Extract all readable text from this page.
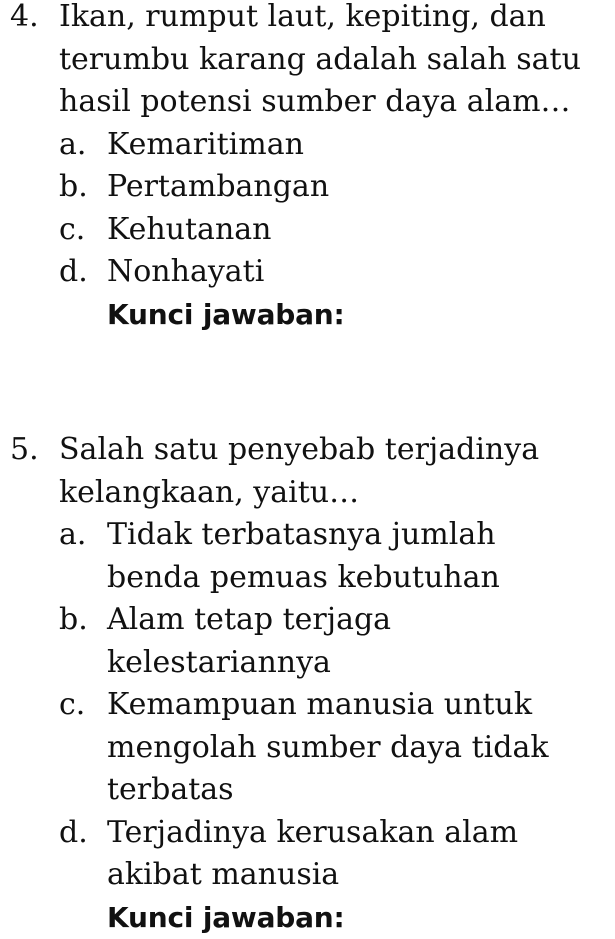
4. Ikan, rumput laut, kepiting, dan
terumbu karang adalah salah satu
hasil potensi sumber daya alam…
a. Kemaritiman
b. Pertambangan
c. Kehutanan
d. Nonhayati
Kunci jawaban:
5. Salah satu penyebab terjadinya
kelangkaan, yaitu…
a. Tidak terbatasnya jumlah
benda pemuas kebutuhan
b. Alam tetap terjaga
kelestariannya
c. Kemampuan manusia untuk
mengolah sumber daya tidak
terbatas
d. Terjadinya kerusakan alam
akibat manusia
Kunci jawaban:
